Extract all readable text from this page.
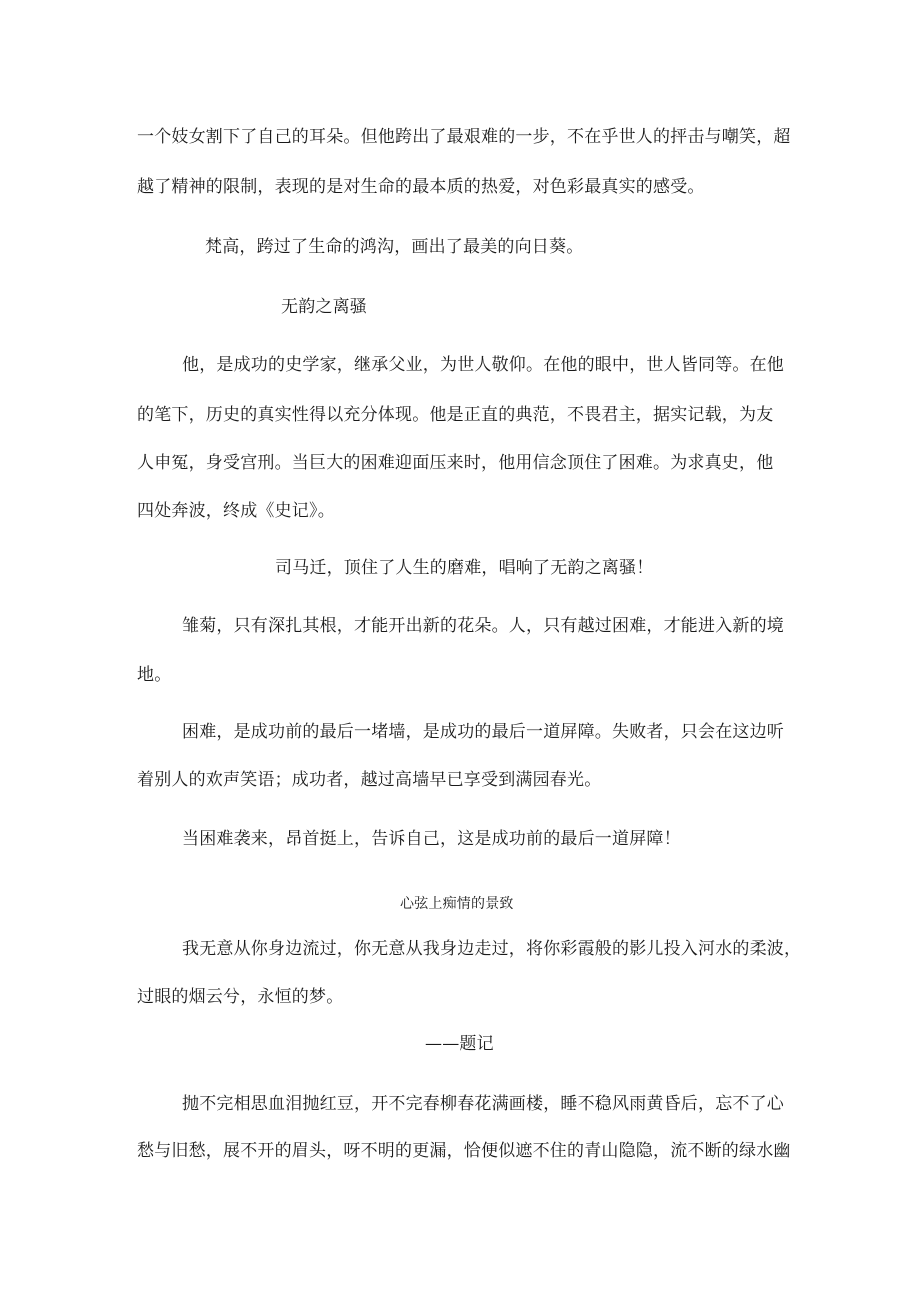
一个妓女割下了自己的耳朵。但他跨出了最艰难的一步，不在乎世人的抨击与嘲笑，超
越了精神的限制，表现的是对生命的最本质的热爱，对色彩最真实的感受。
梵高，跨过了生命的鸿沟，画出了最美的向日葵。
无韵之离骚
他，是成功的史学家，继承父业，为世人敬仰。在他的眼中，世人皆同等。在他
的笔下，历史的真实性得以充分体现。他是正直的典范，不畏君主，据实记载，为友
人申冤，身受宫刑。当巨大的困难迎面压来时，他用信念顶住了困难。为求真史，他
四处奔波，终成《史记》。
司马迁，顶住了人生的磨难，唱响了无韵之离骚！
雏菊，只有深扎其根，才能开出新的花朵。人，只有越过困难，才能进入新的境
地。
困难，是成功前的最后一堵墙，是成功的最后一道屏障。失败者，只会在这边听
着别人的欢声笑语；成功者，越过高墙早已享受到满园春光。
当困难袭来，昂首挺上，告诉自己，这是成功前的最后一道屏障！
心弦上痴情的景致
我无意从你身边流过，你无意从我身边走过，将你彩霞般的影儿投入河水的柔波，
过眼的烟云兮，永恒的梦。
——题记
抛不完相思血泪抛红豆，开不完春柳春花满画楼，睡不稳风雨黄昏后，忘不了心
愁与旧愁，展不开的眉头，呀不明的更漏，恰便似遮不住的青山隐隐，流不断的绿水幽
